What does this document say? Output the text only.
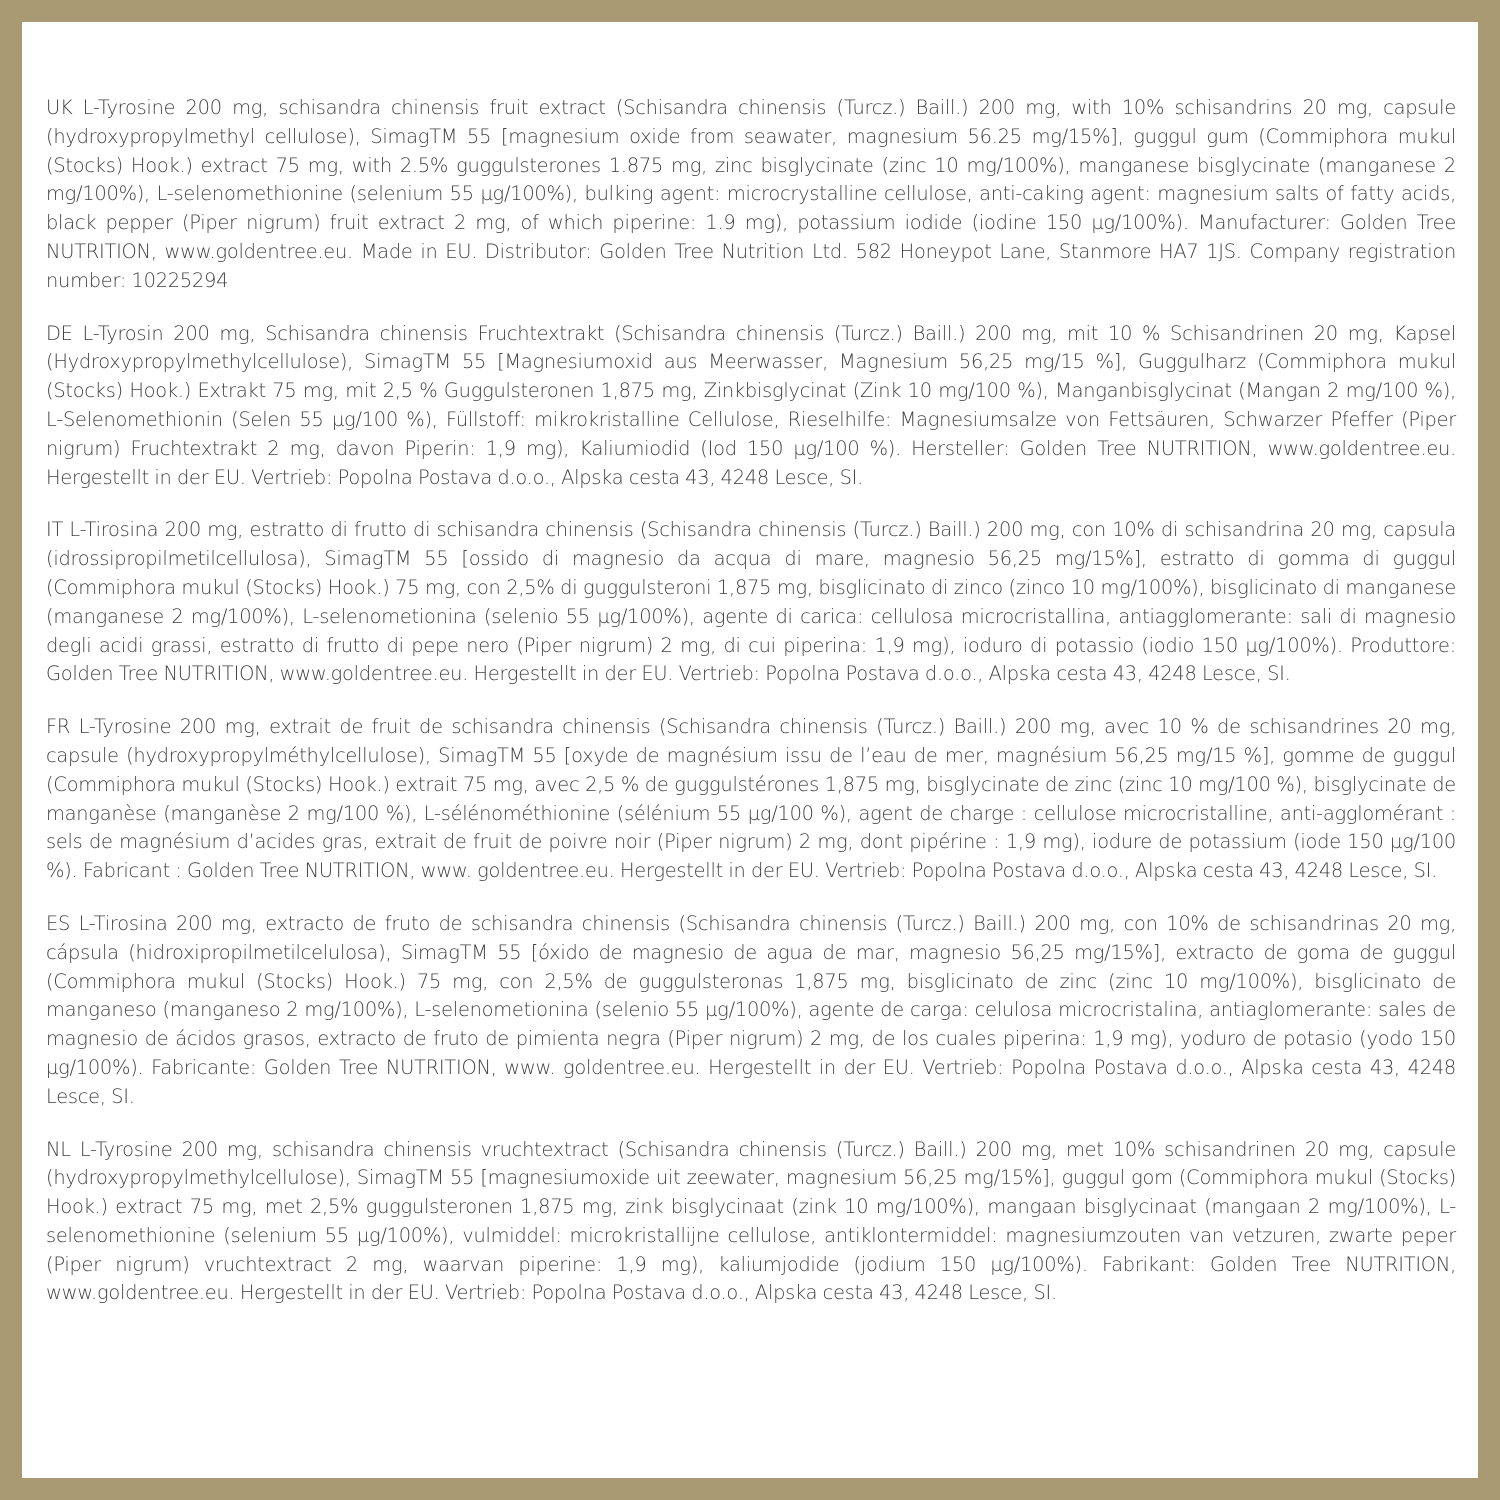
UK L-Tyrosine 200 mg, schisandra chinensis fruit extract (Schisandra chinensis (Turcz.) Baill.) 200 mg, with 10% schisandrins 20 mg, capsule (hydroxypropylmethyl cellulose), SimagTM 55 [magnesium oxide from seawater, magnesium 56.25 mg/15%], guggul gum (Commiphora mukul (Stocks) Hook.) extract 75 mg, with 2.5% guggulsterones 1.875 mg, zinc bisglycinate (zinc 10 mg/100%), manganese bisglycinate (manganese 2 mg/100%), L-selenomethionine (selenium 55 µg/100%), bulking agent: microcrystalline cellulose, anti-caking agent: magnesium salts of fatty acids, black pepper (Piper nigrum) fruit extract 2 mg, of which piperine: 1.9 mg), potassium iodide (iodine 150 µg/100%). Manufacturer: Golden Tree NUTRITION, www.goldentree.eu. Made in EU. Distributor: Golden Tree Nutrition Ltd. 582 Honeypot Lane, Stanmore HA7 1JS. Company registration number: 10225294

DE L-Tyrosin 200 mg, Schisandra chinensis Fruchtextrakt (Schisandra chinensis (Turcz.) Baill.) 200 mg, mit 10 % Schisandrinen 20 mg, Kapsel (Hydroxypropylmethylcellulose), SimagTM 55 [Magnesiumoxid aus Meerwasser, Magnesium 56,25 mg/15 %], Guggulharz (Commiphora mukul (Stocks) Hook.) Extrakt 75 mg, mit 2,5 % Guggulsteronen 1,875 mg, Zinkbisglycinat (Zink 10 mg/100 %), Manganbisglycinat (Mangan 2 mg/100 %), L-Selenomethionin (Selen 55 µg/100 %), Füllstoff: mikrokristalline Cellulose, Rieselhilfe: Magnesiumsalze von Fettsäuren, Schwarzer Pfeffer (Piper nigrum) Fruchtextrakt 2 mg, davon Piperin: 1,9 mg), Kaliumiodid (Iod 150 µg/100 %). Hersteller: Golden Tree NUTRITION, www.goldentree.eu. Hergestellt in der EU. Vertrieb: Popolna Postava d.o.o., Alpska cesta 43, 4248 Lesce, SI.

IT L-Tirosina 200 mg, estratto di frutto di schisandra chinensis (Schisandra chinensis (Turcz.) Baill.) 200 mg, con 10% di schisandrina 20 mg, capsula (idrossipropilmetilcellulosa), SimagTM 55 [ossido di magnesio da acqua di mare, magnesio 56,25 mg/15%], estratto di gomma di guggul (Commiphora mukul (Stocks) Hook.) 75 mg, con 2,5% di guggulsteroni 1,875 mg, bisglicinato di zinco (zinco 10 mg/100%), bisglicinato di manganese (manganese 2 mg/100%), L-selenometionina (selenio 55 µg/100%), agente di carica: cellulosa microcristallina, antiagglomerante: sali di magnesio degli acidi grassi, estratto di frutto di pepe nero (Piper nigrum) 2 mg, di cui piperina: 1,9 mg), ioduro di potassio (iodio 150 µg/100%). Produttore: Golden Tree NUTRITION, www.goldentree.eu. Hergestellt in der EU. Vertrieb: Popolna Postava d.o.o., Alpska cesta 43, 4248 Lesce, SI.

FR L-Tyrosine 200 mg, extrait de fruit de schisandra chinensis (Schisandra chinensis (Turcz.) Baill.) 200 mg, avec 10 % de schisandrines 20 mg, capsule (hydroxypropylméthylcellulose), SimagTM 55 [oxyde de magnésium issu de l’eau de mer, magnésium 56,25 mg/15 %], gomme de guggul (Commiphora mukul (Stocks) Hook.) extrait 75 mg, avec 2,5 % de guggulstérones 1,875 mg, bisglycinate de zinc (zinc 10 mg/100 %), bisglycinate de manganèse (manganèse 2 mg/100 %), L-sélénométhionine (sélénium 55 µg/100 %), agent de charge : cellulose microcristalline, anti-agglomérant : sels de magnésium d’acides gras, extrait de fruit de poivre noir (Piper nigrum) 2 mg, dont pipérine : 1,9 mg), iodure de potassium (iode 150 µg/100 %). Fabricant : Golden Tree NUTRITION, www. goldentree.eu. Hergestellt in der EU. Vertrieb: Popolna Postava d.o.o., Alpska cesta 43, 4248 Lesce, SI.

ES L-Tirosina 200 mg, extracto de fruto de schisandra chinensis (Schisandra chinensis (Turcz.) Baill.) 200 mg, con 10% de schisandrinas 20 mg, cápsula (hidroxipropilmetilcelulosa), SimagTM 55 [óxido de magnesio de agua de mar, magnesio 56,25 mg/15%], extracto de goma de guggul (Commiphora mukul (Stocks) Hook.) 75 mg, con 2,5% de guggulsteronas 1,875 mg, bisglicinato de zinc (zinc 10 mg/100%), bisglicinato de manganeso (manganeso 2 mg/100%), L-selenometionina (selenio 55 µg/100%), agente de carga: celulosa microcristalina, antiaglomerante: sales de magnesio de ácidos grasos, extracto de fruto de pimienta negra (Piper nigrum) 2 mg, de los cuales piperina: 1,9 mg), yoduro de potasio (yodo 150 µg/100%). Fabricante: Golden Tree NUTRITION, www. goldentree.eu. Hergestellt in der EU. Vertrieb: Popolna Postava d.o.o., Alpska cesta 43, 4248 Lesce, SI.

NL L-Tyrosine 200 mg, schisandra chinensis vruchtextract (Schisandra chinensis (Turcz.) Baill.) 200 mg, met 10% schisandrinen 20 mg, capsule (hydroxypropylmethylcellulose), SimagTM 55 [magnesiumoxide uit zeewater, magnesium 56,25 mg/15%], guggul gom (Commiphora mukul (Stocks) Hook.) extract 75 mg, met 2,5% guggulsteronen 1,875 mg, zink bisglycinaat (zink 10 mg/100%), mangaan bisglycinaat (mangaan 2 mg/100%), L-selenomethionine (selenium 55 µg/100%), vulmiddel: microkristallijne cellulose, antiklontermiddel: magnesiumzouten van vetzuren, zwarte peper (Piper nigrum) vruchtextract 2 mg, waarvan piperine: 1,9 mg), kaliumjodide (jodium 150 µg/100%). Fabrikant: Golden Tree NUTRITION, www.goldentree.eu. Hergestellt in der EU. Vertrieb: Popolna Postava d.o.o., Alpska cesta 43, 4248 Lesce, SI.
